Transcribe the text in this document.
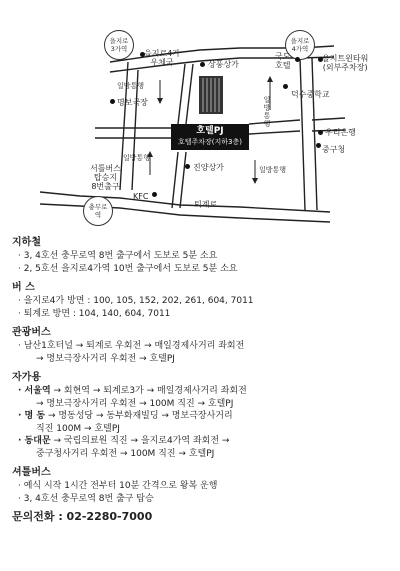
을지로
3가역
을지로
4가역
충무로
역
을지로4가
우체국	상풍상가
국도
호텔
을지트윈타워
(외부주차장)
덕수중학교
명보극장
우리은행
중구청
진양상가
KFC
서틀버스
탑승지
8번출구
퇴계로
일방통행
일방통행
일방통행
일방통행
호텔PJ
호텔주차장(지하3층)
지하철
· 3, 4호선 충무로역 8번 출구에서 도보로 5분 소요
· 2, 5호선 을지로4가역 10번 출구에서 도보로 5분 소요
버 스
· 을지로4가 방면 : 100, 105, 152, 202, 261, 604, 7011
· 퇴계로 방면 : 104, 140, 604, 7011
관광버스
· 남산1호터널 → 퇴계로 우회전 → 매일경제사거리 좌회전
→ 명보극장사거리 우회전 → 호텔PJ
자가용
· 서울역 → 회현역 → 퇴계로3가 → 매일경제사거리 좌회전
→ 명보극장사거리 우회전 → 100M 직진 → 호텔PJ
· 명 동 → 명동성당 → 동부화재빌딩 → 명보극장사거리
직진 100M → 호텔PJ
· 동대문 → 국립의료원 직진 → 을지로4가역 좌회전 →
중구청사거리 우회전 → 100M 직진 → 호텔PJ
셔틀버스
· 예식 시작 1시간 전부터 10분 간격으로 왕복 운행
· 3, 4호선 충무로역 8번 출구 탑승
문의전화 : 02-2280-7000
